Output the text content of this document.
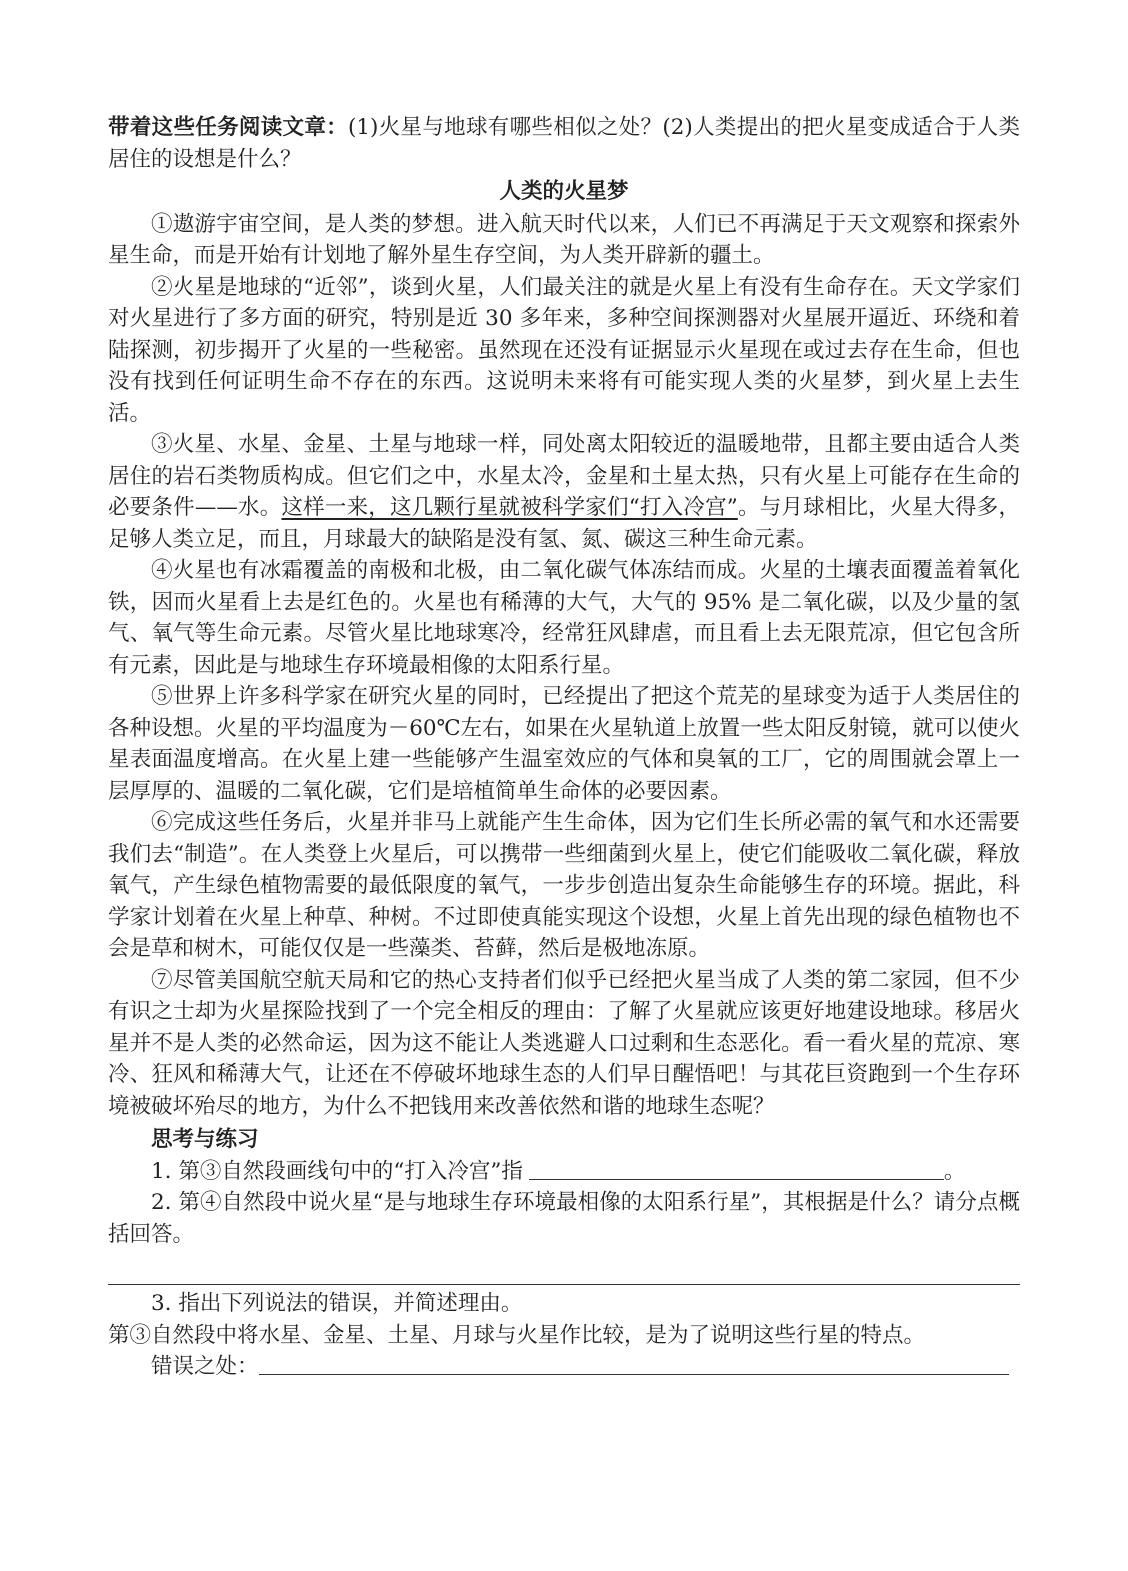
带着这些任务阅读文章：(1)火星与地球有哪些相似之处？(2)人类提出的把火星变成适合于人类居住的设想是什么？

人类的火星梦

①遨游宇宙空间，是人类的梦想。进入航天时代以来，人们已不再满足于天文观察和探索外星生命，而是开始有计划地了解外星生存空间，为人类开辟新的疆土。

②火星是地球的“近邻”，谈到火星，人们最关注的就是火星上有没有生命存在。天文学家们对火星进行了多方面的研究，特别是近 30 多年来，多种空间探测器对火星展开逼近、环绕和着陆探测，初步揭开了火星的一些秘密。虽然现在还没有证据显示火星现在或过去存在生命，但也没有找到任何证明生命不存在的东西。这说明未来将有可能实现人类的火星梦，到火星上去生活。

③火星、水星、金星、土星与地球一样，同处离太阳较近的温暖地带，且都主要由适合人类居住的岩石类物质构成。但它们之中，水星太冷，金星和土星太热，只有火星上可能存在生命的必要条件——水。这样一来，这几颗行星就被科学家们“打入冷宫”。与月球相比，火星大得多，足够人类立足，而且，月球最大的缺陷是没有氢、氮、碳这三种生命元素。

④火星也有冰霜覆盖的南极和北极，由二氧化碳气体冻结而成。火星的土壤表面覆盖着氧化铁，因而火星看上去是红色的。火星也有稀薄的大气，大气的 95% 是二氧化碳，以及少量的氢气、氧气等生命元素。尽管火星比地球寒冷，经常狂风肆虐，而且看上去无限荒凉，但它包含所有元素，因此是与地球生存环境最相像的太阳系行星。

⑤世界上许多科学家在研究火星的同时，已经提出了把这个荒芜的星球变为适于人类居住的各种设想。火星的平均温度为－60℃左右，如果在火星轨道上放置一些太阳反射镜，就可以使火星表面温度增高。在火星上建一些能够产生温室效应的气体和臭氧的工厂，它的周围就会罩上一层厚厚的、温暖的二氧化碳，它们是培植简单生命体的必要因素。

⑥完成这些任务后，火星并非马上就能产生生命体，因为它们生长所必需的氧气和水还需要我们去“制造”。在人类登上火星后，可以携带一些细菌到火星上，使它们能吸收二氧化碳，释放氧气，产生绿色植物需要的最低限度的氧气，一步步创造出复杂生命能够生存的环境。据此，科学家计划着在火星上种草、种树。不过即使真能实现这个设想，火星上首先出现的绿色植物也不会是草和树木，可能仅仅是一些藻类、苔藓，然后是极地冻原。

⑦尽管美国航空航天局和它的热心支持者们似乎已经把火星当成了人类的第二家园，但不少有识之士却为火星探险找到了一个完全相反的理由：了解了火星就应该更好地建设地球。移居火星并不是人类的必然命运，因为这不能让人类逃避人口过剩和生态恶化。看一看火星的荒凉、寒冷、狂风和稀薄大气，让还在不停破坏地球生态的人们早日醒悟吧！与其花巨资跑到一个生存环境被破坏殆尽的地方，为什么不把钱用来改善依然和谐的地球生态呢？

思考与练习

1. 第③自然段画线句中的“打入冷宫”指	。

2. 第④自然段中说火星“是与地球生存环境最相像的太阳系行星”，其根据是什么？请分点概括回答。

3. 指出下列说法的错误，并简述理由。

第③自然段中将水星、金星、土星、月球与火星作比较，是为了说明这些行星的特点。

错误之处：
